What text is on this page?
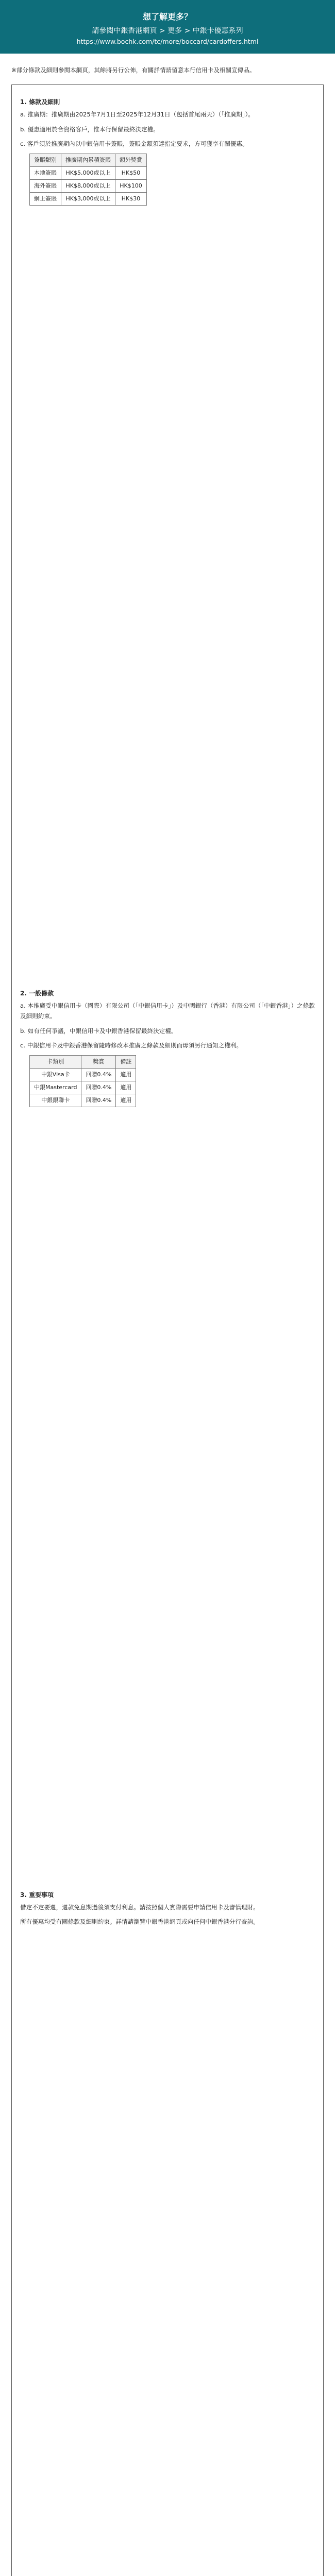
想了解更多？
請參閱中銀香港網頁 > 更多 > 中銀卡優惠系列
https://www.bochk.com/tc/more/boccard/cardoffers.html
※部分條款及細則參閱本網頁，其餘將另行公佈，有關詳情請留意本行信用卡及相關宣傳品。
1. 條款及細則

a. 推廣期：推廣期由2025年7月1日至2025年12月31日（包括首尾兩天）（「推廣期」）。

b. 優惠適用於合資格客戶，惟本行保留最終決定權。

c. 客戶須於推廣期內以中銀信用卡簽賬，簽賬金額須達指定要求，方可獲享有關優惠。

簽賬類別	推廣期內累積簽賬	額外獎賞
本地簽賬	HK$5,000或以上	HK$50
海外簽賬	HK$8,000或以上	HK$100
網上簽賬	HK$3,000或以上	HK$30
2. 一般條款

a. 本推廣受中銀信用卡（國際）有限公司（「中銀信用卡」）及中國銀行（香港）有限公司（「中銀香港」）之條款及細則約束。

b. 如有任何爭議，中銀信用卡及中銀香港保留最終決定權。

c. 中銀信用卡及中銀香港保留隨時修改本推廣之條款及細則而毋須另行通知之權利。

卡類別	獎賞	備註
中銀Visa卡	回贈0.4%	適用
中銀Mastercard	回贈0.4%	適用
中銀銀聯卡	回贈0.4%	適用
3. 重要事項

借定不定要還，還款免息期過後須支付利息。請按照個人實際需要申請信用卡及審慎理財。

所有優惠均受有關條款及細則約束。詳情請瀏覽中銀香港網頁或向任何中銀香港分行查詢。
